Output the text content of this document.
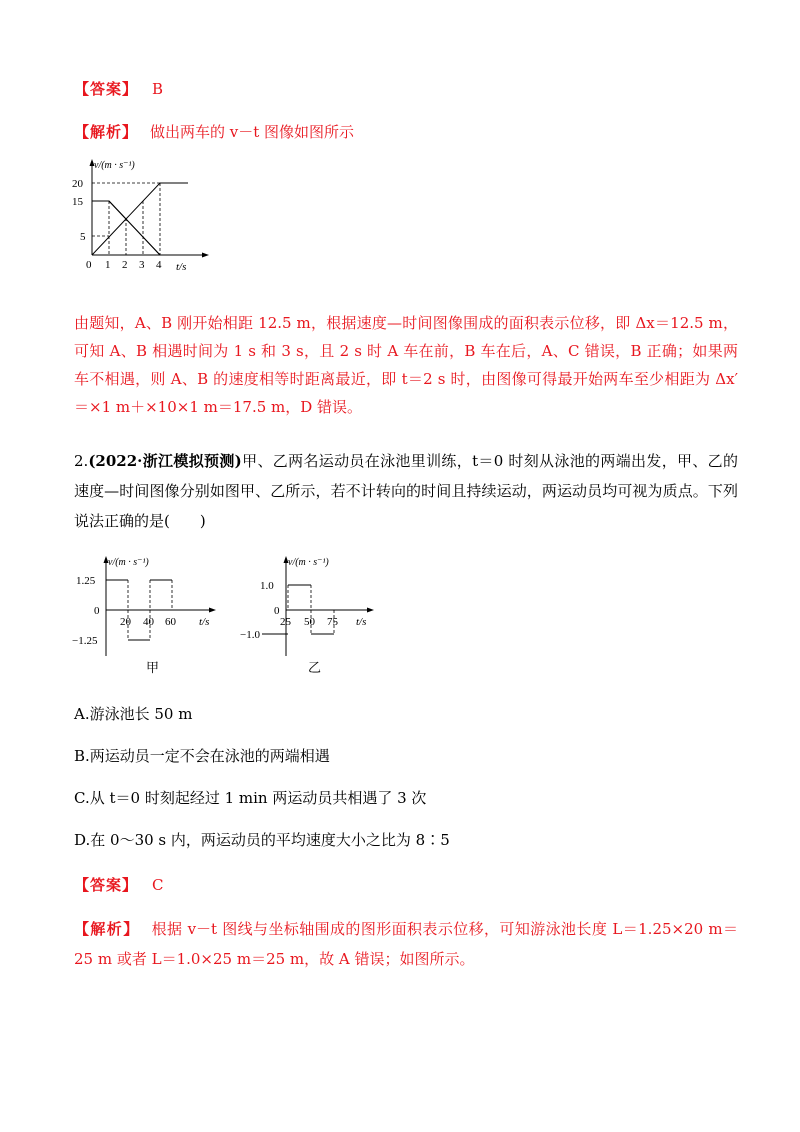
【答案】 B
【解析】 做出两车的 v－t 图像如图所示
v/(m · s⁻¹)
20
15
5
0 1 2 3 4 t/s
由题知，A、B 刚开始相距 12.5 m，根据速度—时间图像围成的面积表示位移，即 Δx＝12.5 m，可知 A、B 相遇时间为 1 s 和 3 s，且 2 s 时 A 车在前，B 车在后，A、C 错误，B 正确；如果两车不相遇，则 A、B 的速度相等时距离最近，即 t＝2 s 时，由图像可得最开始两车至少相距为 Δx′＝×1 m＋×10×1 m＝17.5 m，D 错误。
2.(2022·浙江模拟预测)甲、乙两名运动员在泳池里训练，t＝0 时刻从泳池的两端出发，甲、乙的速度—时间图像分别如图甲、乙所示，若不计转向的时间且持续运动，两运动员均可视为质点。下列说法正确的是(　　)
v/(m · s⁻¹)
1.25
0
−1.25
20 40 60 t/s
甲
v/(m · s⁻¹)
1.0
0
−1.0
25 50 75 t/s
乙
A.游泳池长 50 m
B.两运动员一定不会在泳池的两端相遇
C.从 t＝0 时刻起经过 1 min 两运动员共相遇了 3 次
D.在 0～30 s 内，两运动员的平均速度大小之比为 8∶5
【答案】 C
【解析】 根据 v－t 图线与坐标轴围成的图形面积表示位移，可知游泳池长度 L＝1.25×20 m＝25 m 或者 L＝1.0×25 m＝25 m，故 A 错误；如图所示。
